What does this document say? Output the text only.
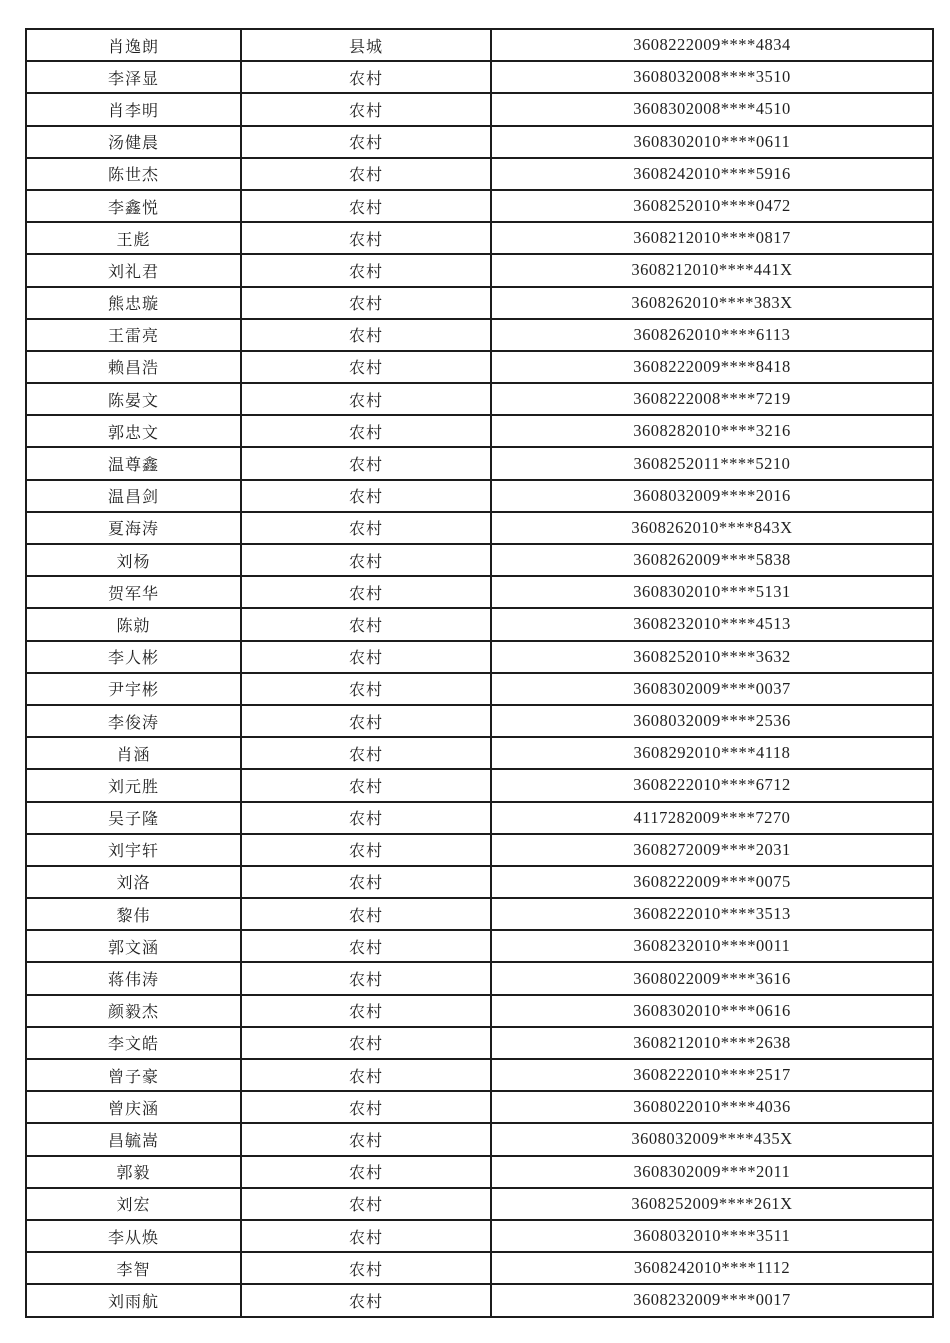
肖逸朗	县城	3608222009****4834
李泽显	农村	3608032008****3510
肖李明	农村	3608302008****4510
汤健晨	农村	3608302010****0611
陈世杰	农村	3608242010****5916
李鑫悦	农村	3608252010****0472
王彪	农村	3608212010****0817
刘礼君	农村	3608212010****441X
熊忠璇	农村	3608262010****383X
王雷亮	农村	3608262010****6113
赖昌浩	农村	3608222009****8418
陈晏文	农村	3608222008****7219
郭忠文	农村	3608282010****3216
温尊鑫	农村	3608252011****5210
温昌剑	农村	3608032009****2016
夏海涛	农村	3608262010****843X
刘杨	农村	3608262009****5838
贺军华	农村	3608302010****5131
陈勍	农村	3608232010****4513
李人彬	农村	3608252010****3632
尹宇彬	农村	3608302009****0037
李俊涛	农村	3608032009****2536
肖涵	农村	3608292010****4118
刘元胜	农村	3608222010****6712
吴子隆	农村	4117282009****7270
刘宇轩	农村	3608272009****2031
刘洛	农村	3608222009****0075
黎伟	农村	3608222010****3513
郭文涵	农村	3608232010****0011
蒋伟涛	农村	3608022009****3616
颜毅杰	农村	3608302010****0616
李文皓	农村	3608212010****2638
曾子豪	农村	3608222010****2517
曾庆涵	农村	3608022010****4036
昌毓嵩	农村	3608032009****435X
郭毅	农村	3608302009****2011
刘宏	农村	3608252009****261X
李从焕	农村	3608032010****3511
李智	农村	3608242010****1112
刘雨航	农村	3608232009****0017
